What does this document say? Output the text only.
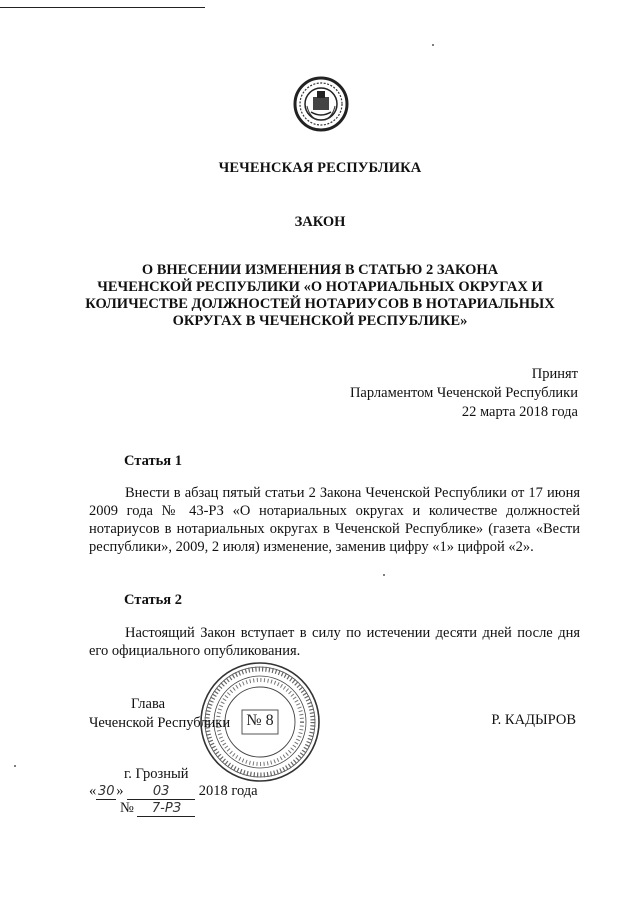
ЧЕЧЕНСКАЯ РЕСПУБЛИКА
ЗАКОН
О ВНЕСЕНИИ ИЗМЕНЕНИЯ В СТАТЬЮ 2 ЗАКОНА
ЧЕЧЕНСКОЙ РЕСПУБЛИКИ «О НОТАРИАЛЬНЫХ ОКРУГАХ И
КОЛИЧЕСТВЕ ДОЛЖНОСТЕЙ НОТАРИУСОВ В НОТАРИАЛЬНЫХ
ОКРУГАХ В ЧЕЧЕНСКОЙ РЕСПУБЛИКЕ»
Принят
Парламентом Чеченской Республики
22 марта 2018 года
Статья 1
Внести в абзац пятый статьи 2 Закона Чеченской Республики от 17 июня 2009 года № 43-РЗ «О нотариальных округах и количестве должностей нотариусов в нотариальных округах в Чеченской Республике» (газета «Вести республики», 2009, 2 июля) изменение, заменив цифру «1» цифрой «2».
Статья 2
Настоящий Закон вступает в силу по истечении десяти дней после дня его официального опубликования.
№ 8
Глава
Чеченской Республики	Р. КАДЫРОВ
г. Грозный
« 30 » 03 2018 года
№ 7-РЗ
